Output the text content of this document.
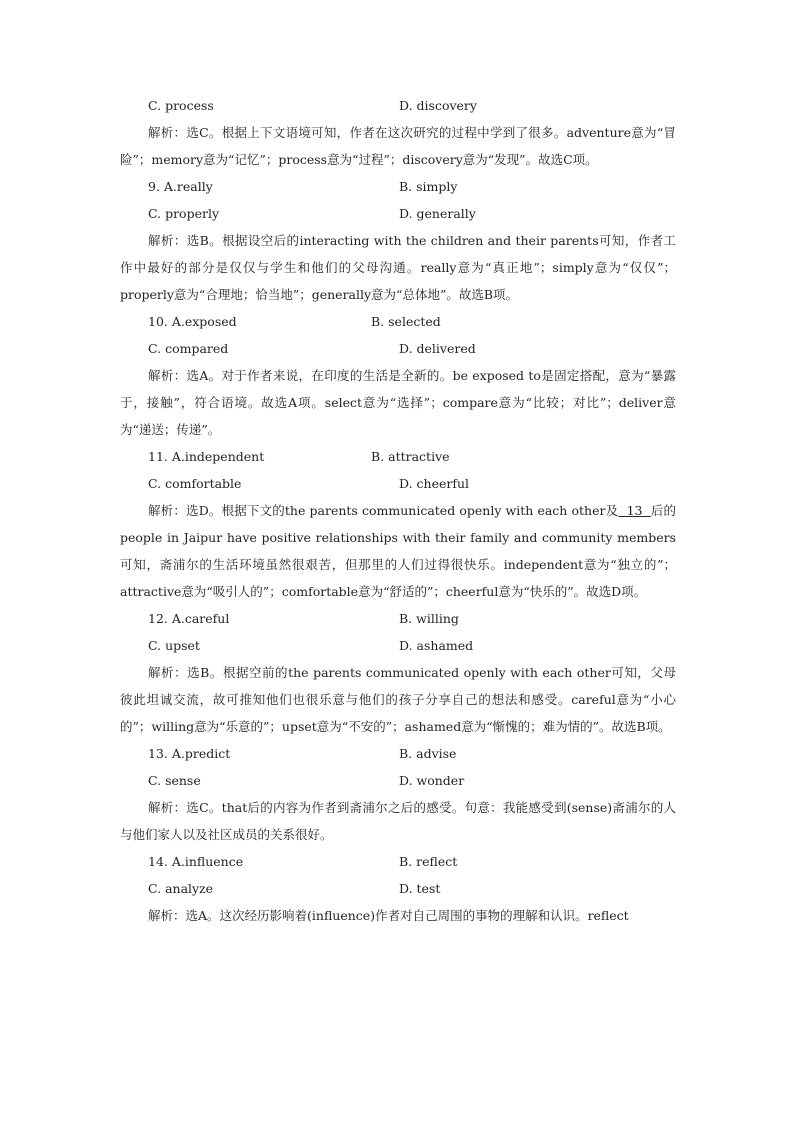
C. process	D. discovery

解析：选C。根据上下文语境可知，作者在这次研究的过程中学到了很多。adventure意为“冒险”；memory意为“记忆”；process意为“过程”；discovery意为“发现”。故选C项。

9. A.really	B. simply
C. properly	D. generally

解析：选B。根据设空后的interacting with the children and their parents可知，作者工作中最好的部分是仅仅与学生和他们的父母沟通。really意为“真正地”；simply意为“仅仅”；properly意为“合理地；恰当地”；generally意为“总体地”。故选B项。

10. A.exposed	B. selected
C. compared	D. delivered

解析：选A。对于作者来说，在印度的生活是全新的。be exposed to是固定搭配，意为“暴露于，接触”，符合语境。故选A项。select意为“选择”；compare意为“比较；对比”；deliver意为“递送；传递”。

11. A.independent	B. attractive
C. comfortable	D. cheerful

解析：选D。根据下文的the parents communicated openly with each other及  13  后的people in Jaipur have positive relationships with their family and community members可知，斋浦尔的生活环境虽然很艰苦，但那里的人们过得很快乐。independent意为“独立的”；attractive意为“吸引人的”；comfortable意为“舒适的”；cheerful意为“快乐的”。故选D项。

12. A.careful	B. willing
C. upset	D. ashamed

解析：选B。根据空前的the parents communicated openly with each other可知，父母彼此坦诚交流，故可推知他们也很乐意与他们的孩子分享自己的想法和感受。careful意为“小心的”；willing意为“乐意的”；upset意为“不安的”；ashamed意为“惭愧的；难为情的”。故选B项。

13. A.predict	B. advise
C. sense	D. wonder

解析：选C。that后的内容为作者到斋浦尔之后的感受。句意：我能感受到(sense)斋浦尔的人与他们家人以及社区成员的关系很好。

14. A.influence	B. reflect
C. analyze	D. test

解析：选A。这次经历影响着(influence)作者对自己周围的事物的理解和认识。reflect
